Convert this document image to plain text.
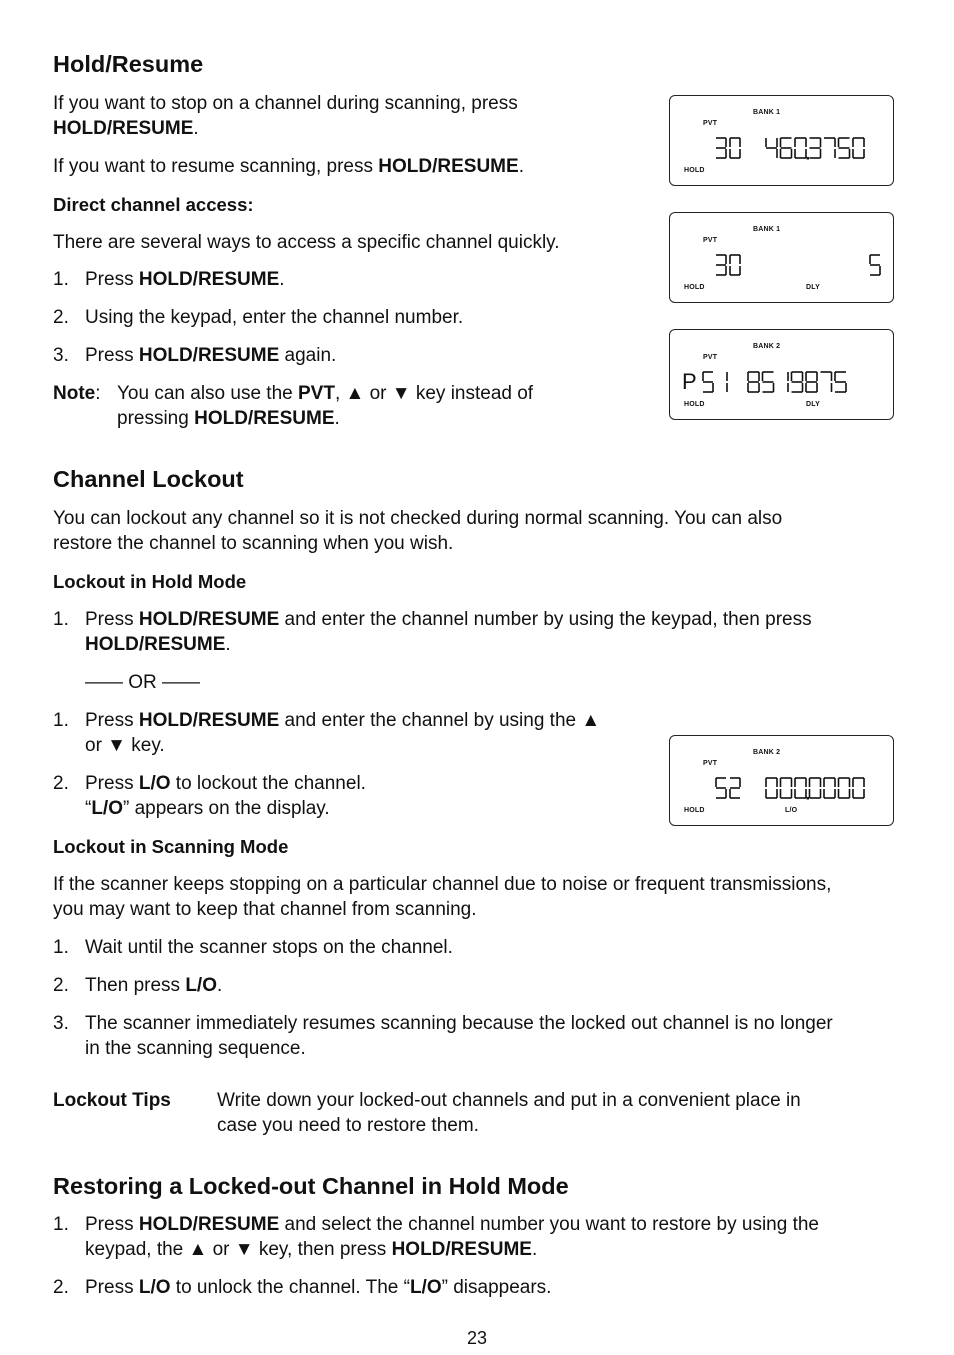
Hold/Resume
If you want to stop on a channel during scanning, press
HOLD/RESUME.
If you want to resume scanning, press HOLD/RESUME.
Direct channel access:
There are several ways to access a specific channel quickly.
1. Press HOLD/RESUME.
2. Using the keypad, enter the channel number.
3. Press HOLD/RESUME again.
Note: You can also use the PVT, ▲ or ▼ key instead of
pressing HOLD/RESUME.
BANK 1
PVT
HOLD
BANK 1
PVT
HOLD	DLY
BANK 2
PVT
HOLD	DLY
P
BANK 2
PVT
HOLD	L/O
Channel Lockout
You can lockout any channel so it is not checked during normal scanning. You can also
restore the channel to scanning when you wish.
Lockout in Hold Mode
1. Press HOLD/RESUME and enter the channel number by using the keypad, then press
HOLD/RESUME.
—— OR ——
1. Press HOLD/RESUME and enter the channel by using the ▲
or ▼ key.
2. Press L/O to lockout the channel.
“L/O” appears on the display.
Lockout in Scanning Mode
If the scanner keeps stopping on a particular channel due to noise or frequent transmissions,
you may want to keep that channel from scanning.
1. Wait until the scanner stops on the channel.
2. Then press L/O.
3. The scanner immediately resumes scanning because the locked out channel is no longer
in the scanning sequence.
Lockout Tips Write down your locked-out channels and put in a convenient place in
case you need to restore them.
Restoring a Locked-out Channel in Hold Mode
1. Press HOLD/RESUME and select the channel number you want to restore by using the
keypad, the ▲ or ▼ key, then press HOLD/RESUME.
2. Press L/O to unlock the channel. The “L/O” disappears.
23
